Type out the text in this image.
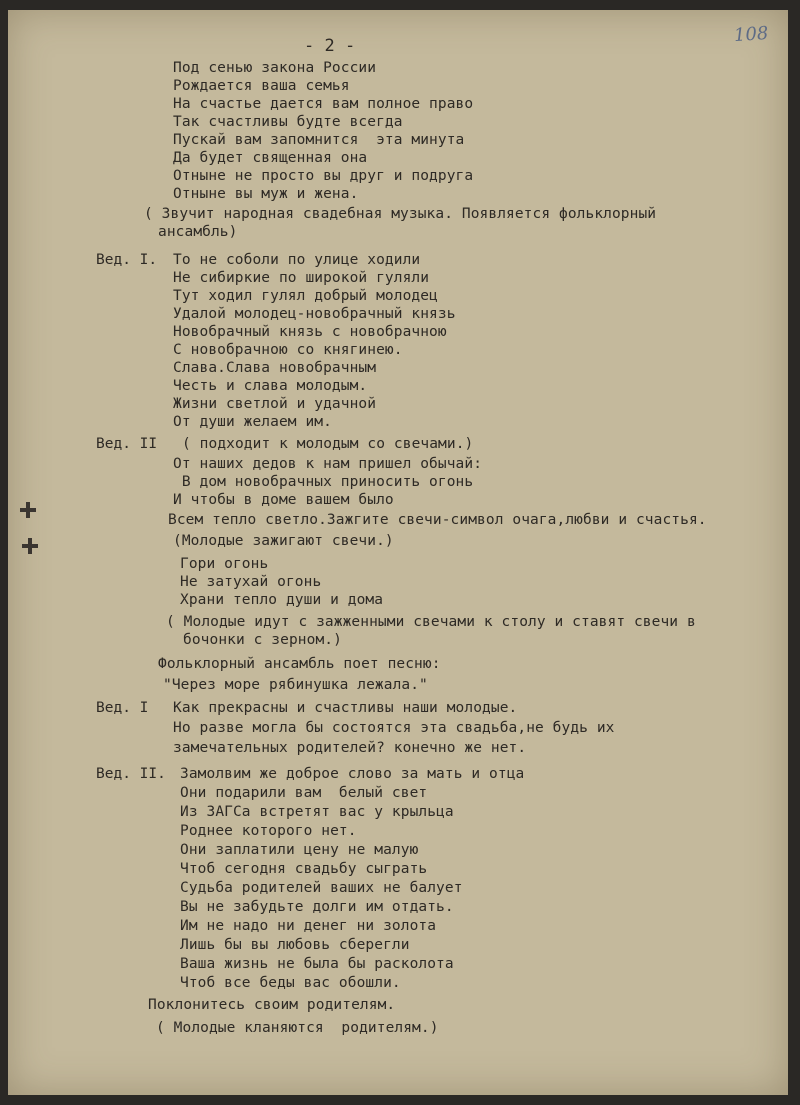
- 2 -	108

Под сенью закона России

Рождается ваша семья

На счастье дается вам полное право

Так счастливы будте всегда

Пускай вам запомнится  эта минута

Да будет священная она

Отныне не просто вы друг и подруга

Отныне вы муж и жена.

( Звучит народная свадебная музыка. Появляется фольклорный

ансамбль)

Вед. I. То не соболи по улице ходили

Не сибиркие по широкой гуляли

Тут ходил гулял добрый молодец

Удалой молодец-новобрачный князь

Новобрачный князь с новобрачною

С новобрачною со княгинею.

Слава.Слава новобрачным

Честь и слава молодым.

Жизни светлой и удачной

От души желаем им.

Вед. II ( подходит к молодым со свечами.)

От наших дедов к нам пришел обычай:

В дом новобрачных приносить огонь

И чтобы в доме вашем было

Всем тепло светло.Зажгите свечи-символ очага,любви и счастья.

(Молодые зажигают свечи.)

Гори огонь

Не затухай огонь

Храни тепло души и дома

( Молодые идут с зажженными свечами к столу и ставят свечи в

бочонки с зерном.)

Фольклорный ансамбль поет песню:

"Через море рябинушка лежала."

Вед. I Как прекрасны и счастливы наши молодые.

Но разве могла бы состоятся эта свадьба,не будь их

замечательных родителей? конечно же нет.

Вед. II. Замолвим же доброе слово за мать и отца

Они подарили вам  белый свет

Из ЗАГСа встретят вас у крыльца

Роднее которого нет.

Они заплатили цену не малую

Чтоб сегодня свадьбу сыграть

Судьба родителей ваших не балует

Вы не забудьте долги им отдать.

Им не надо ни денег ни золота

Лишь бы вы любовь сберегли

Ваша жизнь не была бы расколота

Чтоб все беды вас обошли.

Поклонитесь своим родителям.

( Молодые кланяются  родителям.)
